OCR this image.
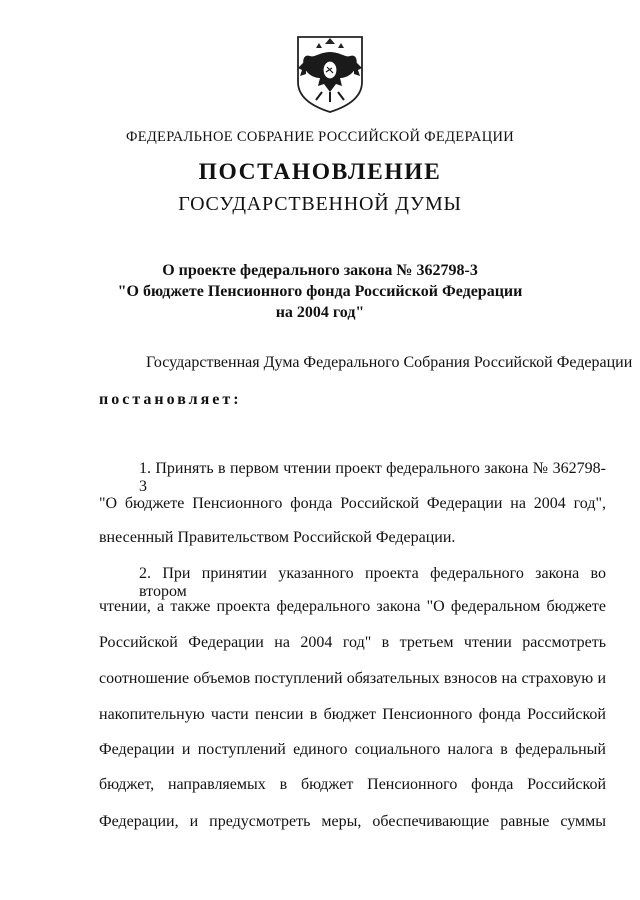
ФЕДЕРАЛЬНОЕ СОБРАНИЕ РОССИЙСКОЙ ФЕДЕРАЦИИ
ПОСТАНОВЛЕНИЕ
ГОСУДАРСТВЕННОЙ ДУМЫ
О проекте федерального закона № 362798-3
"О бюджете Пенсионного фонда Российской Федерации
на 2004 год"
Государственная Дума Федерального Собрания Российской Федерации
постановляет:
1. Принять в первом чтении проект федерального закона № 362798-3
"О бюджете Пенсионного фонда Российской Федерации на 2004 год",
внесенный Правительством Российской Федерации.
2. При принятии указанного проекта федерального закона во втором
чтении, а также проекта федерального закона "О федеральном бюджете
Российской Федерации на 2004 год" в третьем чтении рассмотреть
соотношение объемов поступлений обязательных взносов на страховую и
накопительную части пенсии в бюджет Пенсионного фонда Российской
Федерации и поступлений единого социального налога в федеральный
бюджет, направляемых в бюджет Пенсионного фонда Российской
Федерации, и предусмотреть меры, обеспечивающие равные суммы
